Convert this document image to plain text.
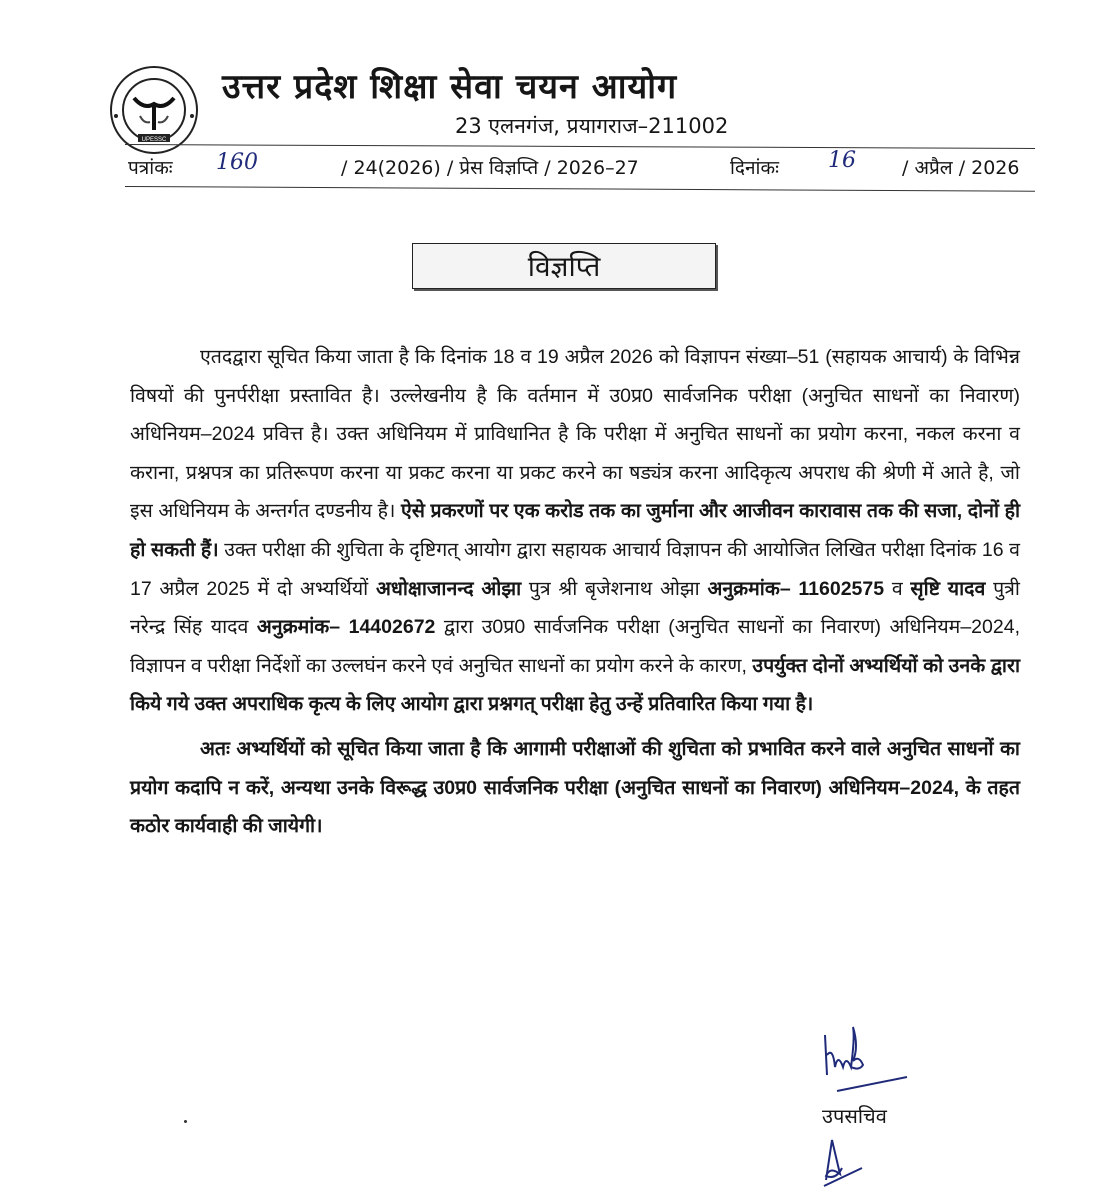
UPESSC
उत्तर प्रदेश शिक्षा सेवा चयन आयोग
23 एलनगंज, प्रयागराज–211002
पत्रांकः 160	/ 24(2026) / प्रेस विज्ञप्ति / 2026–27	दिनांकः 16 / अप्रैल / 2026
विज्ञप्ति

एतदद्वारा सूचित किया जाता है कि दिनांक 18 व 19 अप्रैल 2026 को विज्ञापन संख्या–51 (सहायक आचार्य) के विभिन्न विषयों की पुनर्परीक्षा प्रस्तावित है। उल्लेखनीय है कि वर्तमान में उ0प्र0 सार्वजनिक परीक्षा (अनुचित साधनों का निवारण) अधिनियम–2024 प्रवित्त है। उक्त अधिनियम में प्राविधानित है कि परीक्षा में अनुचित साधनों का प्रयोग करना, नकल करना व कराना, प्रश्नपत्र का प्रतिरूपण करना या प्रकट करना या प्रकट करने का षड्यंत्र करना आदिकृत्य अपराध की श्रेणी में आते है, जो इस अधिनियम के अन्तर्गत दण्डनीय है। ऐसे प्रकरणों पर एक करोड तक का जुर्माना और आजीवन कारावास तक की सजा, दोनों ही हो सकती हैं। उक्त परीक्षा की शुचिता के दृष्टिगत् आयोग द्वारा सहायक आचार्य विज्ञापन की आयोजित लिखित परीक्षा दिनांक 16 व 17 अप्रैल 2025 में दो अभ्यर्थियों अधोक्षाजानन्द ओझा पुत्र श्री बृजेशनाथ ओझा अनुक्रमांक– 11602575 व सृष्टि यादव पुत्री नरेन्द्र सिंह यादव अनुक्रमांक– 14402672 द्वारा उ0प्र0 सार्वजनिक परीक्षा (अनुचित साधनों का निवारण) अधिनियम–2024, विज्ञापन व परीक्षा निर्देशों का उल्लघंन करने एवं अनुचित साधनों का प्रयोग करने के कारण, उपर्युक्त दोनों अभ्यर्थियों को उनके द्वारा किये गये उक्त अपराधिक कृत्य के लिए आयोग द्वारा प्रश्नगत् परीक्षा हेतु उन्हें प्रतिवारित किया गया है।

अतः अभ्यर्थियों को सूचित किया जाता है कि आगामी परीक्षाओं की शुचिता को प्रभावित करने वाले अनुचित साधनों का प्रयोग कदापि न करें, अन्यथा उनके विरूद्ध उ0प्र0 सार्वजनिक परीक्षा (अनुचित साधनों का निवारण) अधिनियम–2024, के तहत कठोर कार्यवाही की जायेगी।

उपसचिव
